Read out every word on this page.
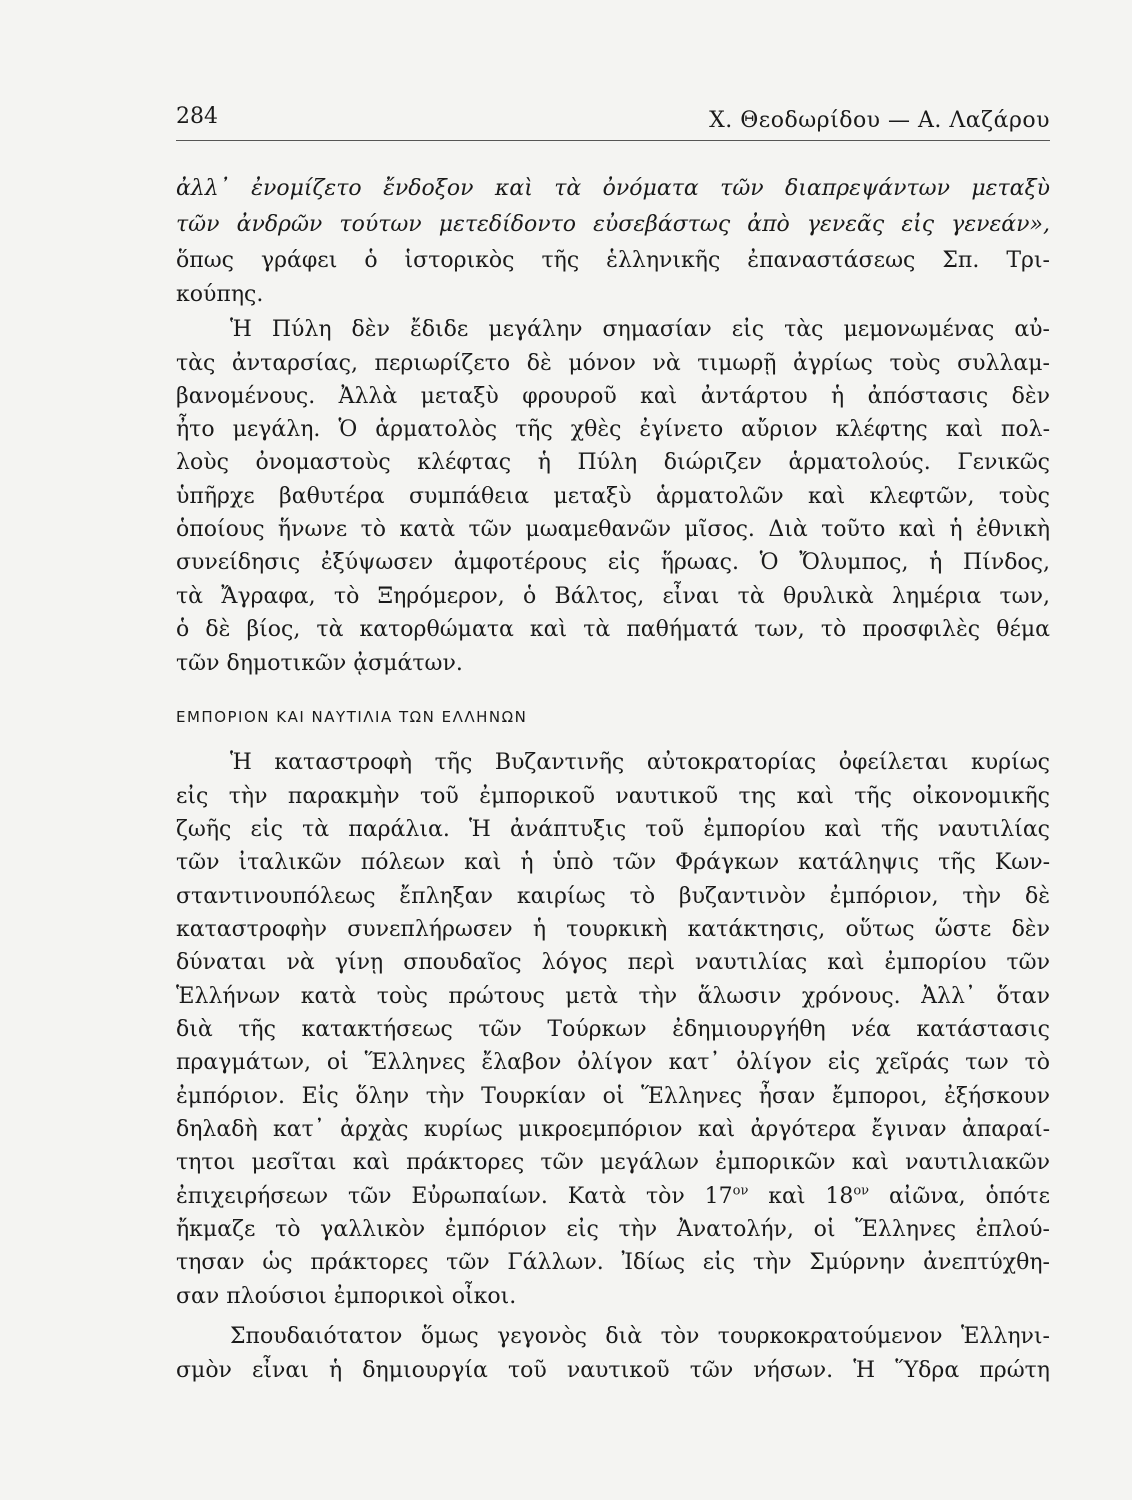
284	Χ. Θεοδωρίδου — Α. Λαζάρου
ἀλλ᾿ ἐνομίζετο ἔνδοξον καὶ τὰ ὀνόματα τῶν διαπρεψάντων μεταξὺ
τῶν ἀνδρῶν τούτων μετεδίδοντο εὐσεβάστως ἀπὸ γενεᾶς εἰς γενεάν»,
ὅπως γράφει ὁ ἱστορικὸς τῆς ἑλληνικῆς ἐπαναστάσεως Σπ. Τρι-
κούπης.
Ἡ Πύλη δὲν ἔδιδε μεγάλην σημασίαν εἰς τὰς μεμονωμένας αὐ-
τὰς ἀνταρσίας, περιωρίζετο δὲ μόνον νὰ τιμωρῇ ἀγρίως τοὺς συλλαμ-
βανομένους. Ἀλλὰ μεταξὺ φρουροῦ καὶ ἀντάρτου ἡ ἀπόστασις δὲν
ἦτο μεγάλη. Ὁ ἁρματολὸς τῆς χθὲς ἐγίνετο αὔριον κλέφτης καὶ πολ-
λοὺς ὀνομαστοὺς κλέφτας ἡ Πύλη διώριζεν ἁρματολούς. Γενικῶς
ὑπῆρχε βαθυτέρα συμπάθεια μεταξὺ ἁρματολῶν καὶ κλεφτῶν, τοὺς
ὁποίους ἥνωνε τὸ κατὰ τῶν μωαμεθανῶν μῖσος. Διὰ τοῦτο καὶ ἡ ἐθνικὴ
συνείδησις ἐξύψωσεν ἀμφοτέρους εἰς ἥρωας. Ὁ Ὄλυμπος, ἡ Πίνδος,
τὰ Ἄγραφα, τὸ Ξηρόμερον, ὁ Βάλτος, εἶναι τὰ θρυλικὰ λημέρια των,
ὁ δὲ βίος, τὰ κατορθώματα καὶ τὰ παθήματά των, τὸ προσφιλὲς θέμα
τῶν δημοτικῶν ᾀσμάτων.
ΕΜΠΟΡΙΟΝ ΚΑΙ ΝΑΥΤΙΛΙΑ ΤΩΝ ΕΛΛΗΝΩΝ
Ἡ καταστροφὴ τῆς Βυζαντινῆς αὐτοκρατορίας ὀφείλεται κυρίως
εἰς τὴν παρακμὴν τοῦ ἐμπορικοῦ ναυτικοῦ της καὶ τῆς οἰκονομικῆς
ζωῆς εἰς τὰ παράλια. Ἡ ἀνάπτυξις τοῦ ἐμπορίου καὶ τῆς ναυτιλίας
τῶν ἰταλικῶν πόλεων καὶ ἡ ὑπὸ τῶν Φράγκων κατάληψις τῆς Κων-
σταντινουπόλεως ἔπληξαν καιρίως τὸ βυζαντινὸν ἐμπόριον, τὴν δὲ
καταστροφὴν συνεπλήρωσεν ἡ τουρκικὴ κατάκτησις, οὕτως ὥστε δὲν
δύναται νὰ γίνῃ σπουδαῖος λόγος περὶ ναυτιλίας καὶ ἐμπορίου τῶν
Ἑλλήνων κατὰ τοὺς πρώτους μετὰ τὴν ἅλωσιν χρόνους. Ἀλλ᾿ ὅταν
διὰ τῆς κατακτήσεως τῶν Τούρκων ἐδημιουργήθη νέα κατάστασις
πραγμάτων, οἱ Ἕλληνες ἔλαβον ὀλίγον κατ᾿ ὀλίγον εἰς χεῖράς των τὸ
ἐμπόριον. Εἰς ὅλην τὴν Τουρκίαν οἱ Ἕλληνες ἦσαν ἔμποροι, ἐξήσκουν
δηλαδὴ κατ᾿ ἀρχὰς κυρίως μικροεμπόριον καὶ ἀργότερα ἔγιναν ἀπαραί-
τητοι μεσῖται καὶ πράκτορες τῶν μεγάλων ἐμπορικῶν καὶ ναυτιλιακῶν
ἐπιχειρήσεων τῶν Εὐρωπαίων. Κατὰ τὸν $17^{o\nu}$ καὶ $18^{o\nu}$ αἰῶνα, ὁπότε
ἤκμαζε τὸ γαλλικὸν ἐμπόριον εἰς τὴν Ἀνατολήν, οἱ Ἕλληνες ἐπλού-
τησαν ὡς πράκτορες τῶν Γάλλων. Ἰδίως εἰς τὴν Σμύρνην ἀνεπτύχθη-
σαν πλούσιοι ἐμπορικοὶ οἶκοι.
Σπουδαιότατον ὅμως γεγονὸς διὰ τὸν τουρκοκρατούμενον Ἑλληνι-
σμὸν εἶναι ἡ δημιουργία τοῦ ναυτικοῦ τῶν νήσων. Ἡ Ὕδρα πρώτη
